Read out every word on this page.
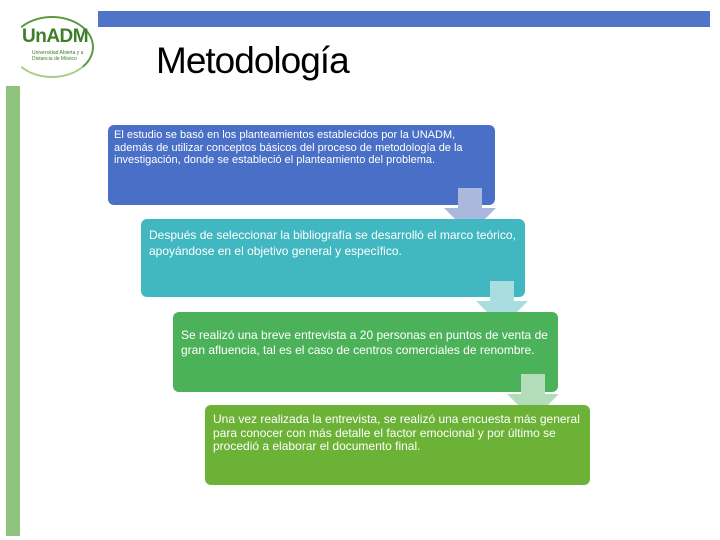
UnADM
Universidad Abierta y a Distancia de México	Metodología
El estudio se basó en los planteamientos establecidos por la UNADM, además de utilizar conceptos básicos del proceso de metodología de la investigación, donde se estableció el planteamiento del problema.
Después de seleccionar la bibliografía se desarrolló el marco teórico, apoyándose en el objetivo general y específico.
Se realizó una breve entrevista a 20 personas en puntos de venta de gran afluencia, tal es el caso de centros comerciales de renombre.
Una vez realizada la entrevista, se realizó una encuesta más general para conocer con más detalle el factor emocional y por último se procedió a elaborar el documento final.
